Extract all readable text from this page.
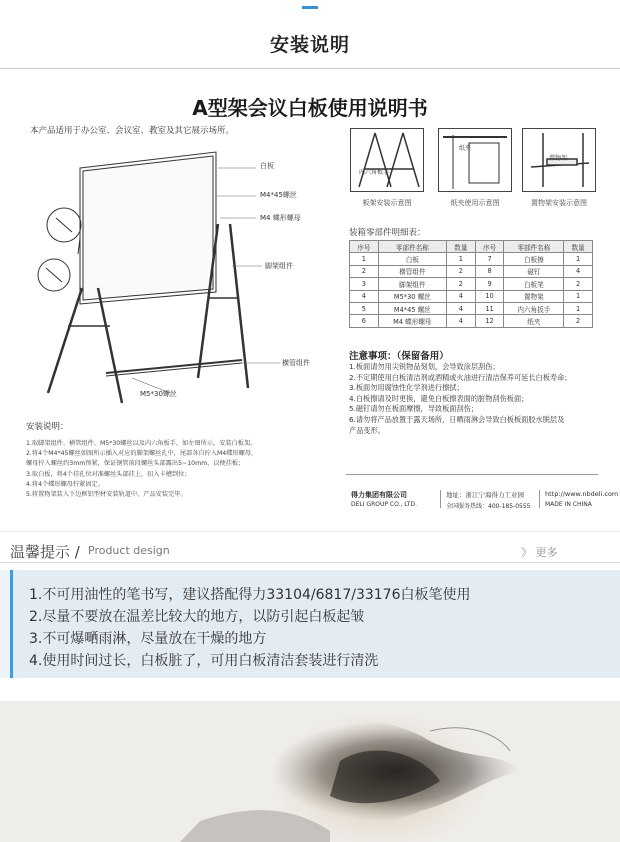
安装说明
A型架会议白板使用说明书
本产品适用于办公室、会议室、教室及其它展示场所。
白板
M4*45螺丝
M4 蝶形螺母
脚架组件
横管组件
M5*30螺丝
安装说明：
1.取脚架组件、横管组件、M5*30螺丝以及内六角板手，如左图所示，安装白板架。
2.将4个M4*45螺丝如图所示插入对应的脚架螺丝孔中，尾部各自拧入M4蝶形螺母，
螺母拧入螺丝约3mm预紧，保证钢管前段螺丝头部露出5~10mm，以便挂板；
3.取白板，将4个挂孔位对准螺丝头部挂上，扣入卡槽到位；
4.将4个蝶形螺母拧紧固定。
5.将置物架装入下边框铝型材安装轨道中，产品安装完毕。
内六角板手
板架安装示意图
纸夹
纸夹使用示意图
置物架
置物架安装示意图
装箱零部件明细表：
序号	零部件名称	数量	序号	零部件名称	数量
1	白板	1	7	白板擦	1
2	横管组件	2	8	磁钉	4
3	脚架组件	2	9	白板笔	2
4	M5*30 螺丝	4	10	置物架	1
5	M4*45 螺丝	4	11	内六角扳手	1
6	M4 蝶形螺母	4	12	纸夹	2
注意事项：（保留备用）
1.板面请勿用尖锐物品刻划，会导致涂层刮伤；
2.不定期使用白板清洁剂或酒精或火油进行清洁保养可延长白板寿命；
3.板面勿用腐蚀性化学剂进行擦拭；
4.白板擦请及时更换，避免白板擦表面的脏物刮伤板面；
5.磁钉请勿在板面摩擦，导致板面刮伤；
6.请勿将产品放置于露天场所，日晒雨淋会导致白板板面胶水脱层及
产品变形。
得力集团有限公司
DELI GROUP CO., LTD.
地址：浙江宁海得力工业园
全国服务热线：400-185-0555
http://www.nbdeli.com
MADE IN CHINA
温馨提示 / Product design	》 更多
1.不可用油性的笔书写，建议搭配得力33104/6817/33176白板笔使用
2.尽量不要放在温差比较大的地方，以防引起白板起皱
3.不可爆嗮雨淋，尽量放在干燥的地方
4.使用时间过长，白板脏了，可用白板清洁套装进行清洗
